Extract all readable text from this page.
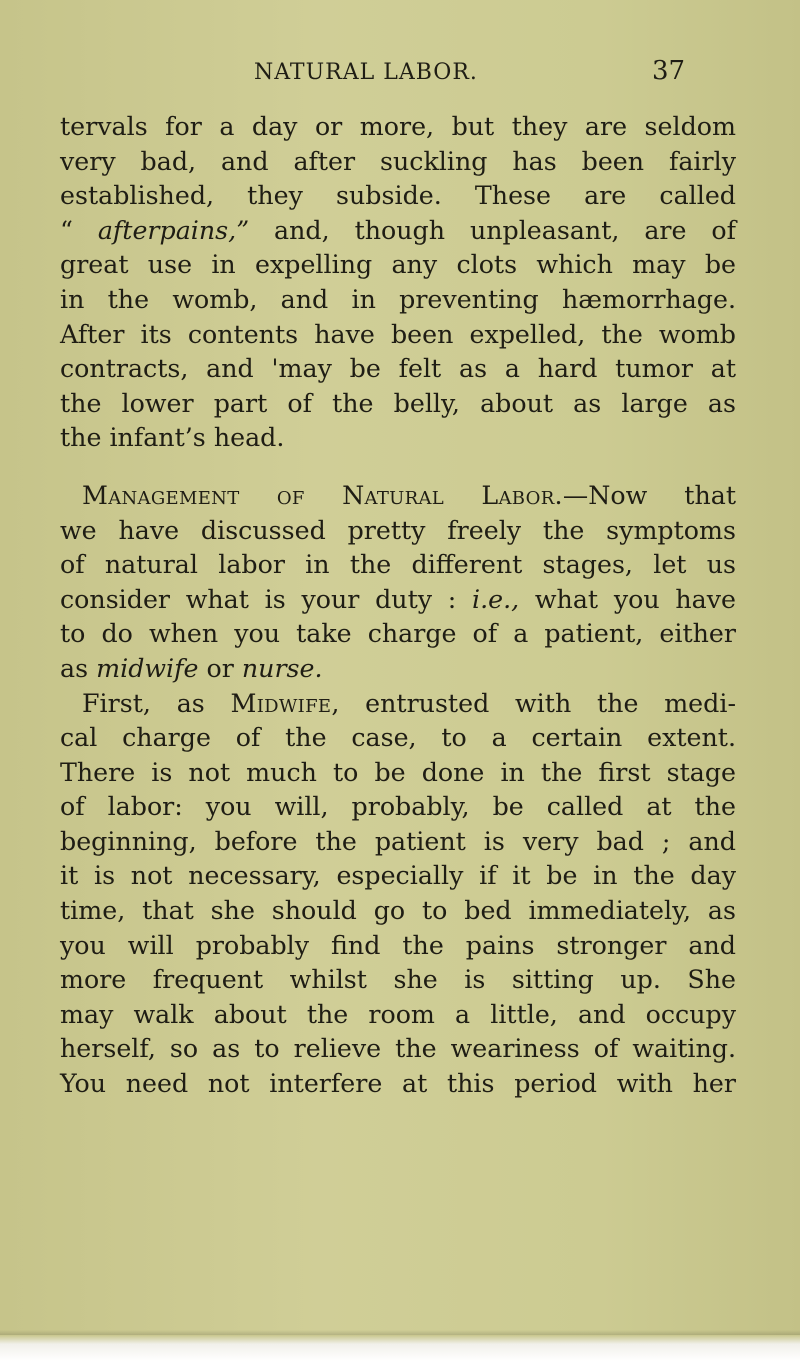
NATURAL LABOR.	37
tervals for a day or more, but they are seldom
very bad, and after suckling has been fairly
established, they subside. These are called
“ afterpains,” and, though unpleasant, are of
great use in expelling any clots which may be
in the womb, and in preventing hæmorrhage.
After its contents have been expelled, the womb
contracts, and 'may be felt as a hard tumor at
the lower part of the belly, about as large as
the infant’s head.
Management of Natural Labor.—Now that
we have discussed pretty freely the symptoms
of natural labor in the different stages, let us
consider what is your duty : i.e., what you have
to do when you take charge of a patient, either
as midwife or nurse.
First, as Midwife, entrusted with the medi-
cal charge of the case, to a certain extent.
There is not much to be done in the first stage
of labor: you will, probably, be called at the
beginning, before the patient is very bad ; and
it is not necessary, especially if it be in the day
time, that she should go to bed immediately, as
you will probably find the pains stronger and
more frequent whilst she is sitting up. She
may walk about the room a little, and occupy
herself, so as to relieve the weariness of waiting.
You need not interfere at this period with her
